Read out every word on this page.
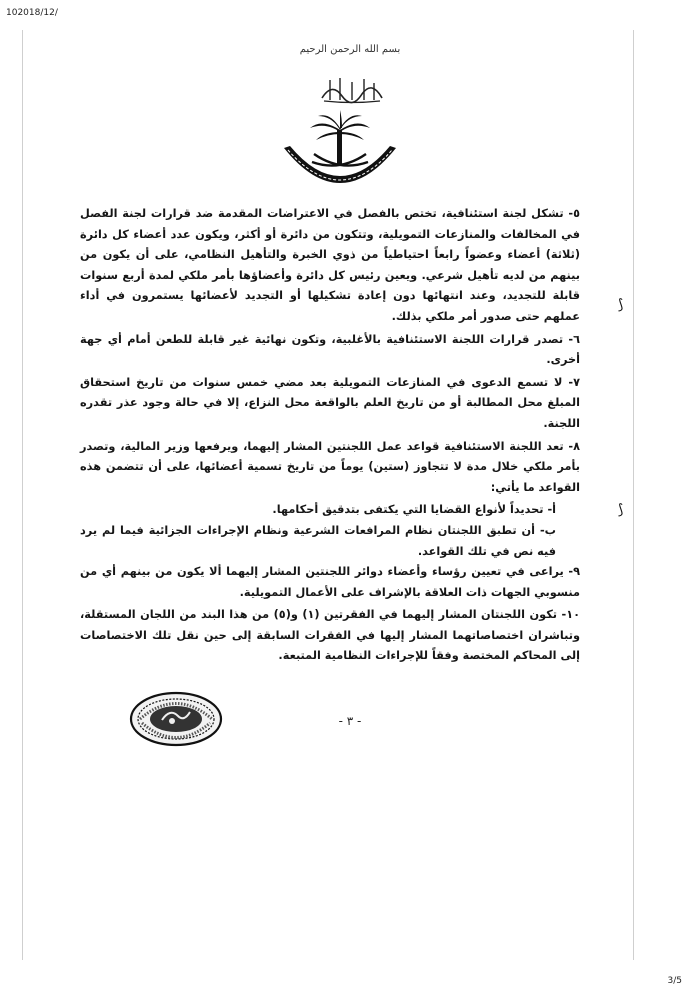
102018/12/
بسم الله الرحمن الرحيم

٥- تشكل لجنة استئنافية، تختص بالفصل في الاعتراضات المقدمة ضد قرارات لجنة الفصل في المخالفات والمنازعات التمويلية، وتتكون من دائرة أو أكثر، ويكون عدد أعضاء كل دائرة (ثلاثة) أعضاء وعضواً رابعاً احتياطياً من ذوي الخبرة والتأهيل النظامي، على أن يكون من بينهم من لديه تأهيل شرعي. ويعين رئيس كل دائرة وأعضاؤها بأمر ملكي لمدة أربع سنوات قابلة للتجديد، وعند انتهائها دون إعادة تشكيلها أو التجديد لأعضائها يستمرون في أداء عملهم حتى صدور أمر ملكي بذلك.

٦- تصدر قرارات اللجنة الاستئنافية بالأغلبية، وتكون نهائية غير قابلة للطعن أمام أي جهة أخرى.

٧- لا تسمع الدعوى في المنازعات التمويلية بعد مضي خمس سنوات من تاريخ استحقاق المبلغ محل المطالبة أو من تاريخ العلم بالواقعة محل النزاع، إلا في حالة وجود عذر تقدره اللجنة.

٨- تعد اللجنة الاستئنافية قواعد عمل اللجنتين المشار إليهما، ويرفعها وزير المالية، وتصدر بأمر ملكي خلال مدة لا تتجاوز (ستين) يوماً من تاريخ تسمية أعضائها، على أن تتضمن هذه القواعد ما يأتي:

أ- تحديداً لأنواع القضايا التي يكتفى بتدقيق أحكامها.

ب- أن تطبق اللجنتان نظام المرافعات الشرعية ونظام الإجراءات الجزائية فيما لم يرد فيه نص في تلك القواعد.

٩- يراعى في تعيين رؤساء وأعضاء دوائر اللجنتين المشار إليهما ألا يكون من بينهم أي من منسوبي الجهات ذات العلاقة بالإشراف على الأعمال التمويلية.

١٠- تكون اللجنتان المشار إليهما في الفقرتين (١) و(٥) من هذا البند من اللجان المستقلة، وتباشران اختصاصاتهما المشار إليها في الفقرات السابقة إلى حين نقل تلك الاختصاصات إلى المحاكم المختصة وفقاً للإجراءات النظامية المتبعة.

⟆
⟆
- ٣ -
3/5
